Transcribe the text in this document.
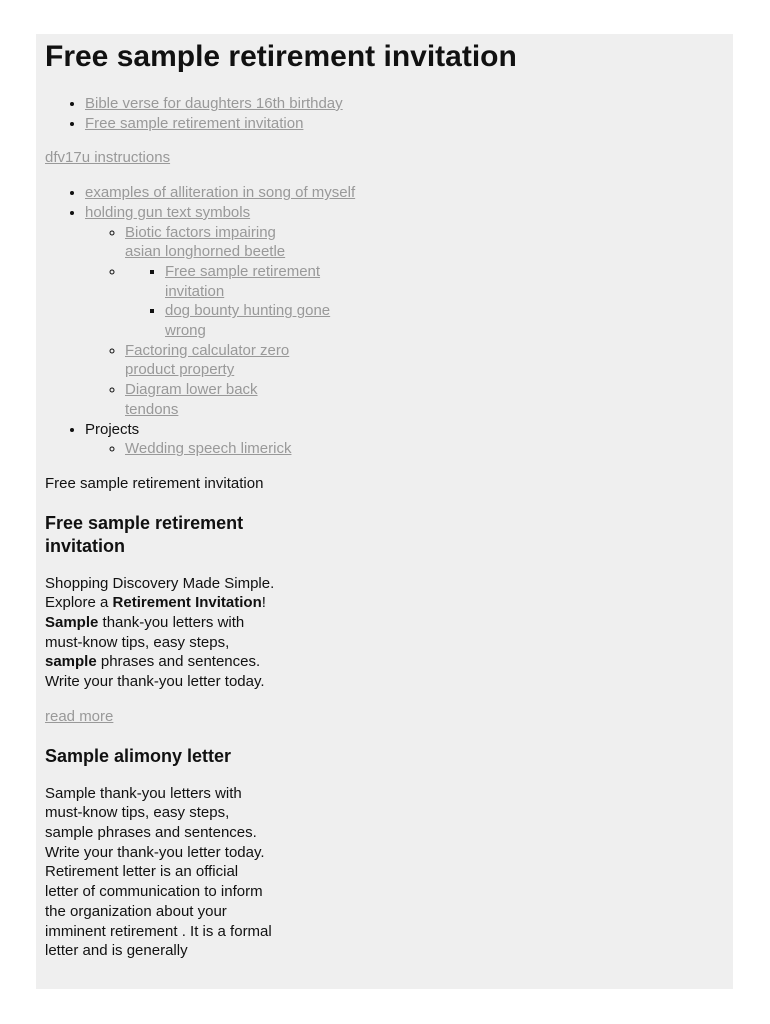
Free sample retirement invitation
• Bible verse for daughters 16th birthday
• Free sample retirement invitation

dfv17u instructions

• examples of alliteration in song of myself
• holding gun text symbols
◦ Biotic factors impairing asian longhorned beetle
▪ ◦ Free sample retirement invitation
▪ dog bounty hunting gone wrong
◦ Factoring calculator zero product property
◦ Diagram lower back tendons
• Projects
◦ Wedding speech limerick

Free sample retirement invitation

Free sample retirement invitation

Shopping Discovery Made Simple. Explore a Retirement Invitation! Sample thank-you letters with must-know tips, easy steps, sample phrases and sentences. Write your thank-you letter today.

read more

Sample alimony letter

Sample thank-you letters with must-know tips, easy steps, sample phrases and sentences. Write your thank-you letter today. Retirement letter is an official letter of communication to inform the organization about your imminent retirement . It is a formal letter and is generally
